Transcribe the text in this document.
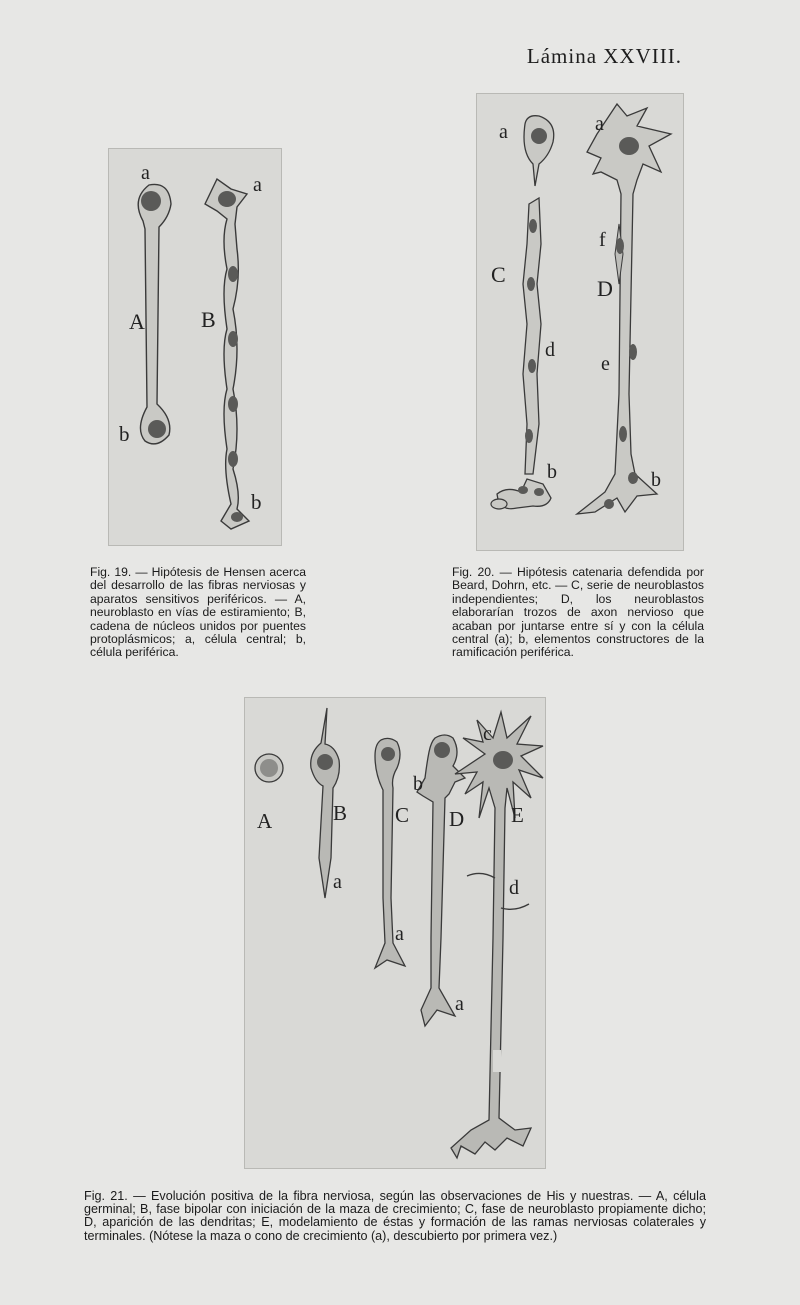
Lámina XXVIII.
a
a
A	B
b
b
a	a
C
D
d
e
f
b	b
A	B C D E
a
a
a
b
c
d
Fig. 19. — Hipótesis de Hensen acerca del desarrollo de las fibras nerviosas y aparatos sensitivos periféricos. — A, neuroblasto en vías de estiramiento; B, cadena de núcleos unidos por puentes protoplásmicos; a, célula central; b, célula periférica.
Fig. 20. — Hipótesis catenaria defendida por Beard, Dohrn, etc. — C, serie de neuroblastos independientes; D, los neuroblastos elaborarían trozos de axon nervioso que acaban por juntarse entre sí y con la célula central (a); b, elementos constructores de la ramificación periférica.
Fig. 21. — Evolución positiva de la fibra nerviosa, según las observaciones de His y nuestras. — A, célula germinal; B, fase bipolar con iniciación de la maza de crecimiento; C, fase de neuroblasto propiamente dicho; D, aparición de las dendritas; E, modelamiento de éstas y formación de las ramas nerviosas colaterales y terminales. (Nótese la maza o cono de crecimiento (a), descubierto por primera vez.)
